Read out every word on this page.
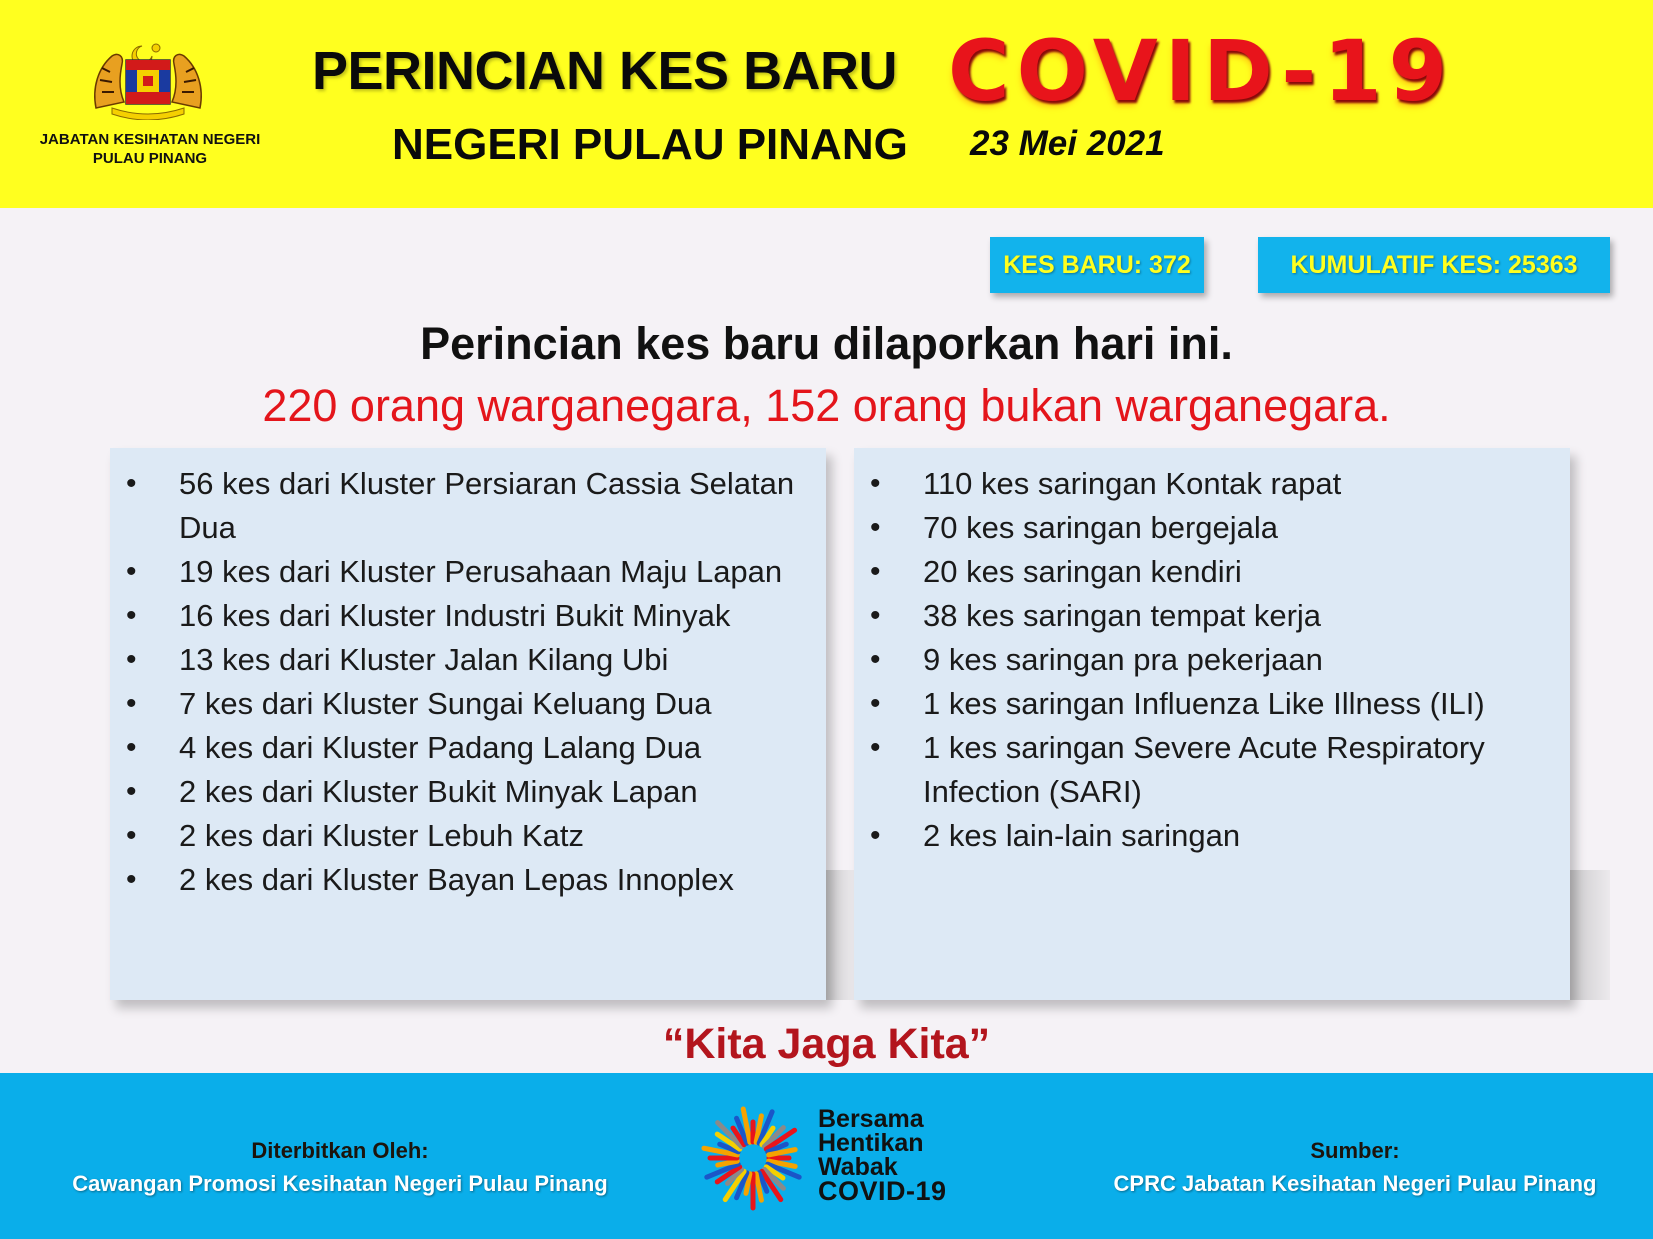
JABATAN KESIHATAN NEGERI
PULAU PINANG
PERINCIAN KES BARU COVID-19
NEGERI PULAU PINANG 23 Mei 2021
KES BARU: 372	KUMULATIF KES: 25363
Perincian kes baru dilaporkan hari ini.
220 orang warganegara, 152 orang bukan warganegara.
• 56 kes dari Kluster Persiaran Cassia Selatan Dua
• 19 kes dari Kluster Perusahaan Maju Lapan
• 16 kes dari Kluster Industri Bukit Minyak
• 13 kes dari Kluster Jalan Kilang Ubi
• 7 kes dari Kluster Sungai Keluang Dua
• 4 kes dari Kluster Padang Lalang Dua
• 2 kes dari Kluster Bukit Minyak Lapan
• 2 kes dari Kluster Lebuh Katz
• 2 kes dari Kluster Bayan Lepas Innoplex
• 110 kes saringan Kontak rapat
• 70 kes saringan bergejala
• 20 kes saringan kendiri
• 38 kes saringan tempat kerja
• 9 kes saringan pra pekerjaan
• 1 kes saringan Influenza Like Illness (ILI)
• 1 kes saringan Severe Acute Respiratory Infection (SARI)
• 2 kes lain-lain saringan
“Kita Jaga Kita”
Diterbitkan Oleh:
Cawangan Promosi Kesihatan Negeri Pulau Pinang
Bersama
Hentikan
Wabak
COVID-19
Sumber:
CPRC Jabatan Kesihatan Negeri Pulau Pinang
